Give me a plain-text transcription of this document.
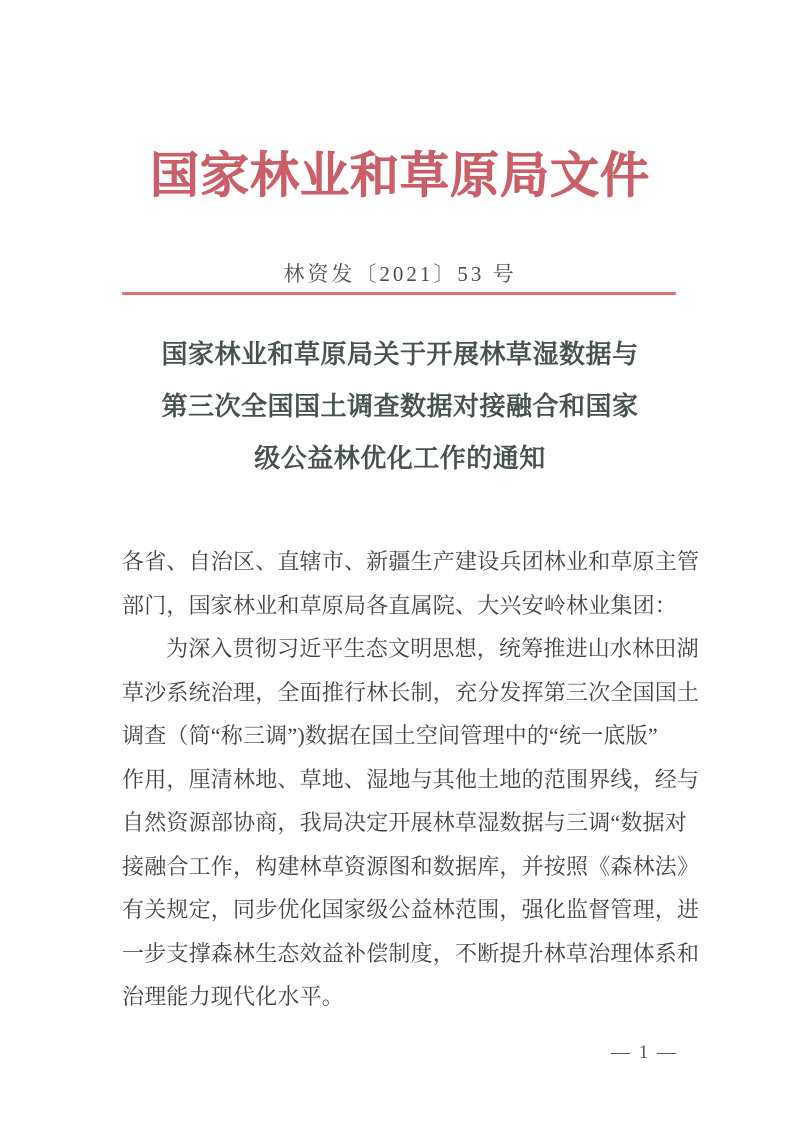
国家林业和草原局文件
林资发〔2021〕53 号
国家林业和草原局关于开展林草湿数据与
第三次全国国土调查数据对接融合和国家
级公益林优化工作的通知
各省、自治区、直辖市、新疆生产建设兵团林业和草原主管
部门，国家林业和草原局各直属院、大兴安岭林业集团：
为深入贯彻习近平生态文明思想，统筹推进山水林田湖
草沙系统治理，全面推行林长制，充分发挥第三次全国国土
调查（简“称三调”)数据在国土空间管理中的“统一底版”
作用，厘清林地、草地、湿地与其他土地的范围界线，经与
自然资源部协商，我局决定开展林草湿数据与三调“数据对
接融合工作，构建林草资源图和数据库，并按照《森林法》
有关规定，同步优化国家级公益林范围，强化监督管理，进
一步支撑森林生态效益补偿制度，不断提升林草治理体系和
治理能力现代化水平。
— 1 —
